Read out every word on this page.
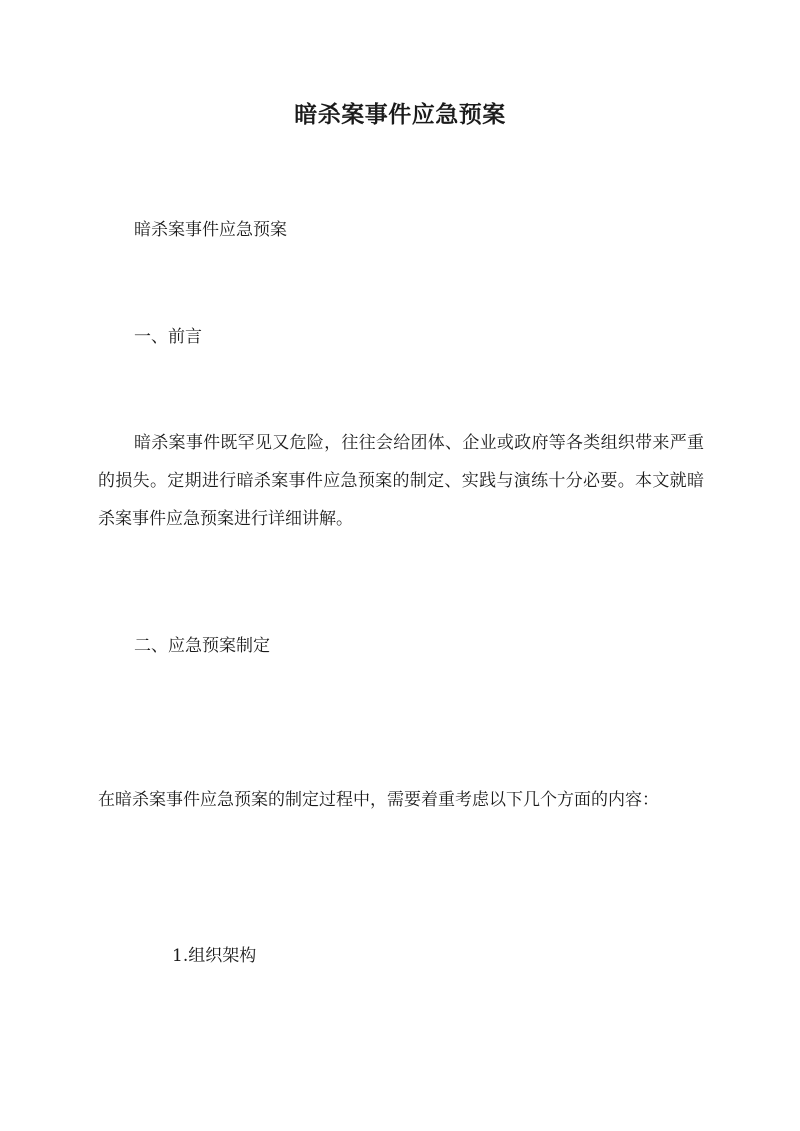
暗杀案事件应急预案
暗杀案事件应急预案
一、前言
暗杀案事件既罕见又危险，往往会给团体、企业或政府等各类组织带来严重的损失。定期进行暗杀案事件应急预案的制定、实践与演练十分必要。本文就暗杀案事件应急预案进行详细讲解。
二、应急预案制定
在暗杀案事件应急预案的制定过程中，需要着重考虑以下几个方面的内容：
1.组织架构
